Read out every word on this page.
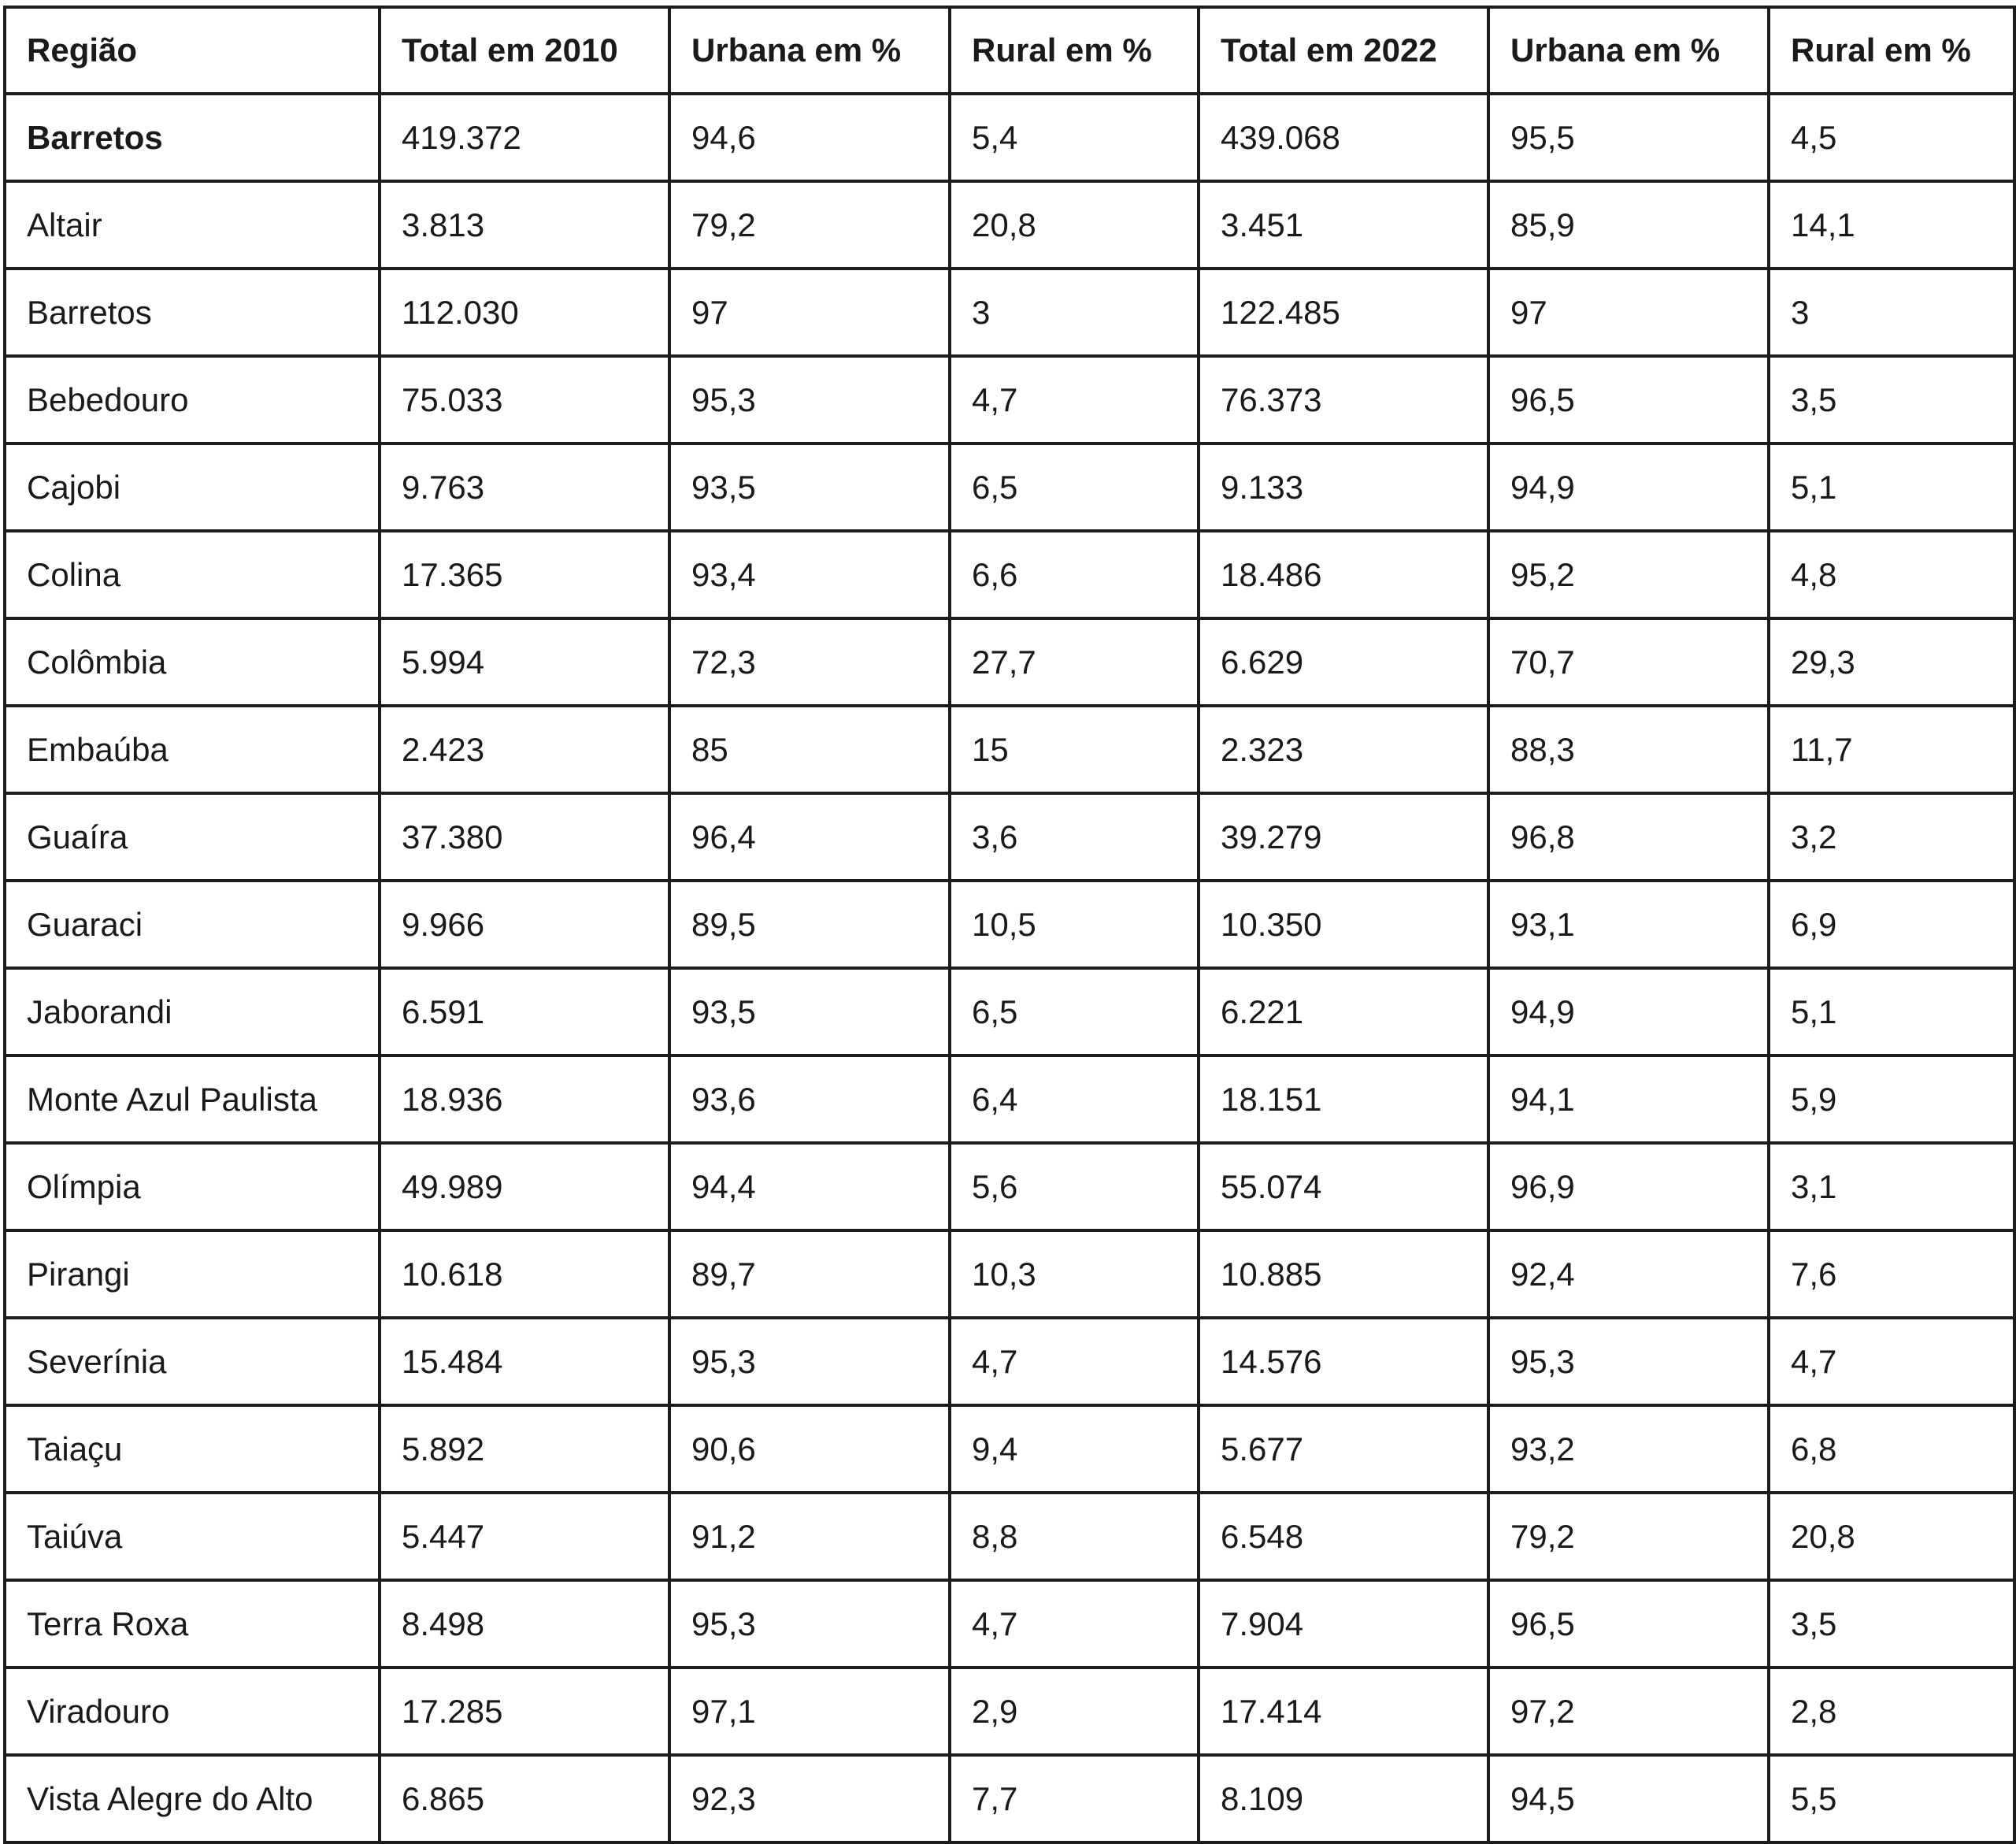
Região	Total em 2010	Urbana em %	Rural em %	Total em 2022	Urbana em %	Rural em %
Barretos	419.372	94,6	5,4	439.068	95,5	4,5
Altair	3.813	79,2	20,8	3.451	85,9	14,1
Barretos	112.030	97	3	122.485	97	3
Bebedouro	75.033	95,3	4,7	76.373	96,5	3,5
Cajobi	9.763	93,5	6,5	9.133	94,9	5,1
Colina	17.365	93,4	6,6	18.486	95,2	4,8
Colômbia	5.994	72,3	27,7	6.629	70,7	29,3
Embaúba	2.423	85	15	2.323	88,3	11,7
Guaíra	37.380	96,4	3,6	39.279	96,8	3,2
Guaraci	9.966	89,5	10,5	10.350	93,1	6,9
Jaborandi	6.591	93,5	6,5	6.221	94,9	5,1
Monte Azul Paulista	18.936	93,6	6,4	18.151	94,1	5,9
Olímpia	49.989	94,4	5,6	55.074	96,9	3,1
Pirangi	10.618	89,7	10,3	10.885	92,4	7,6
Severínia	15.484	95,3	4,7	14.576	95,3	4,7
Taiaçu	5.892	90,6	9,4	5.677	93,2	6,8
Taiúva	5.447	91,2	8,8	6.548	79,2	20,8
Terra Roxa	8.498	95,3	4,7	7.904	96,5	3,5
Viradouro	17.285	97,1	2,9	17.414	97,2	2,8
Vista Alegre do Alto	6.865	92,3	7,7	8.109	94,5	5,5
